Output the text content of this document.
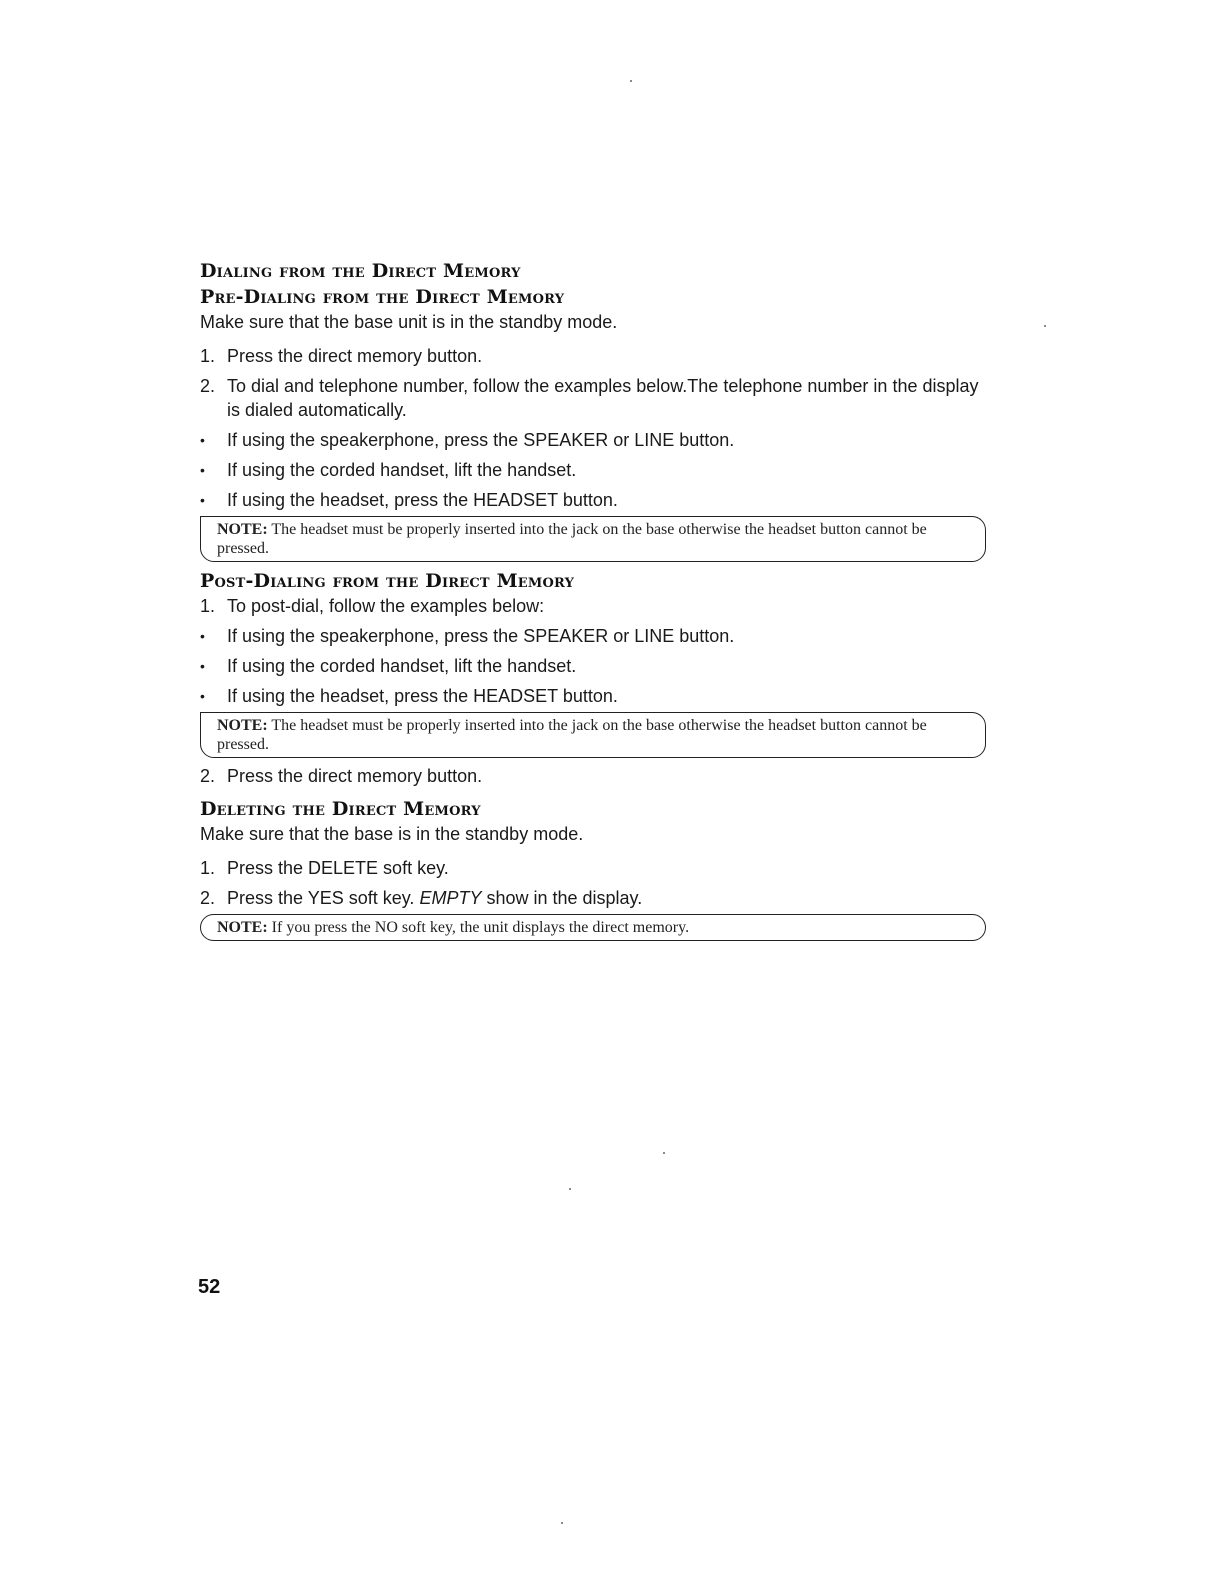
Dialing from the Direct Memory
Pre-Dialing from the Direct Memory

Make sure that the base unit is in the standby mode.

1. Press the direct memory button.
2. To dial and telephone number, follow the examples below.The telephone number in the display is dialed automatically.
•	If using the speakerphone, press the SPEAKER or LINE button.
•	If using the corded handset, lift the handset.
•	If using the headset, press the HEADSET button.
NOTE: The headset must be properly inserted into the jack on the base otherwise the headset button cannot be pressed.
Post-Dialing from the Direct Memory
1. To post-dial, follow the examples below:
•	If using the speakerphone, press the SPEAKER or LINE button.
•	If using the corded handset, lift the handset.
•	If using the headset, press the HEADSET button.
NOTE: The headset must be properly inserted into the jack on the base otherwise the headset button cannot be pressed.
2. Press the direct memory button.
Deleting the Direct Memory

Make sure that the base is in the standby mode.

1. Press the DELETE soft key.
2. Press the YES soft key. EMPTY show in the display.
NOTE: If you press the NO soft key, the unit displays the direct memory.
52
